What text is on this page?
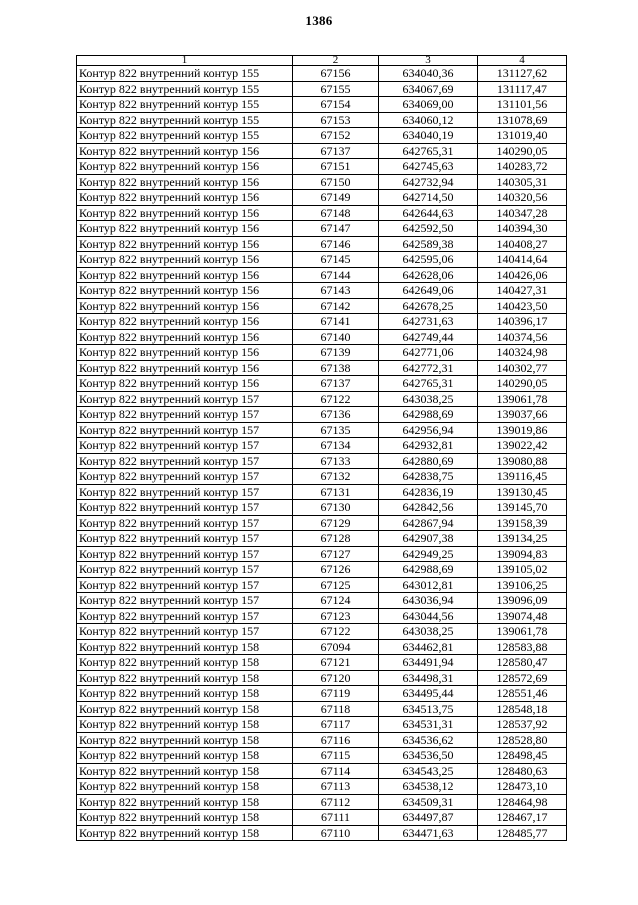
1386
1	2	3	4
Контур 822 внутренний контур 155	67156	634040,36	131127,62
Контур 822 внутренний контур 155	67155	634067,69	131117,47
Контур 822 внутренний контур 155	67154	634069,00	131101,56
Контур 822 внутренний контур 155	67153	634060,12	131078,69
Контур 822 внутренний контур 155	67152	634040,19	131019,40
Контур 822 внутренний контур 156	67137	642765,31	140290,05
Контур 822 внутренний контур 156	67151	642745,63	140283,72
Контур 822 внутренний контур 156	67150	642732,94	140305,31
Контур 822 внутренний контур 156	67149	642714,50	140320,56
Контур 822 внутренний контур 156	67148	642644,63	140347,28
Контур 822 внутренний контур 156	67147	642592,50	140394,30
Контур 822 внутренний контур 156	67146	642589,38	140408,27
Контур 822 внутренний контур 156	67145	642595,06	140414,64
Контур 822 внутренний контур 156	67144	642628,06	140426,06
Контур 822 внутренний контур 156	67143	642649,06	140427,31
Контур 822 внутренний контур 156	67142	642678,25	140423,50
Контур 822 внутренний контур 156	67141	642731,63	140396,17
Контур 822 внутренний контур 156	67140	642749,44	140374,56
Контур 822 внутренний контур 156	67139	642771,06	140324,98
Контур 822 внутренний контур 156	67138	642772,31	140302,77
Контур 822 внутренний контур 156	67137	642765,31	140290,05
Контур 822 внутренний контур 157	67122	643038,25	139061,78
Контур 822 внутренний контур 157	67136	642988,69	139037,66
Контур 822 внутренний контур 157	67135	642956,94	139019,86
Контур 822 внутренний контур 157	67134	642932,81	139022,42
Контур 822 внутренний контур 157	67133	642880,69	139080,88
Контур 822 внутренний контур 157	67132	642838,75	139116,45
Контур 822 внутренний контур 157	67131	642836,19	139130,45
Контур 822 внутренний контур 157	67130	642842,56	139145,70
Контур 822 внутренний контур 157	67129	642867,94	139158,39
Контур 822 внутренний контур 157	67128	642907,38	139134,25
Контур 822 внутренний контур 157	67127	642949,25	139094,83
Контур 822 внутренний контур 157	67126	642988,69	139105,02
Контур 822 внутренний контур 157	67125	643012,81	139106,25
Контур 822 внутренний контур 157	67124	643036,94	139096,09
Контур 822 внутренний контур 157	67123	643044,56	139074,48
Контур 822 внутренний контур 157	67122	643038,25	139061,78
Контур 822 внутренний контур 158	67094	634462,81	128583,88
Контур 822 внутренний контур 158	67121	634491,94	128580,47
Контур 822 внутренний контур 158	67120	634498,31	128572,69
Контур 822 внутренний контур 158	67119	634495,44	128551,46
Контур 822 внутренний контур 158	67118	634513,75	128548,18
Контур 822 внутренний контур 158	67117	634531,31	128537,92
Контур 822 внутренний контур 158	67116	634536,62	128528,80
Контур 822 внутренний контур 158	67115	634536,50	128498,45
Контур 822 внутренний контур 158	67114	634543,25	128480,63
Контур 822 внутренний контур 158	67113	634538,12	128473,10
Контур 822 внутренний контур 158	67112	634509,31	128464,98
Контур 822 внутренний контур 158	67111	634497,87	128467,17
Контур 822 внутренний контур 158	67110	634471,63	128485,77
